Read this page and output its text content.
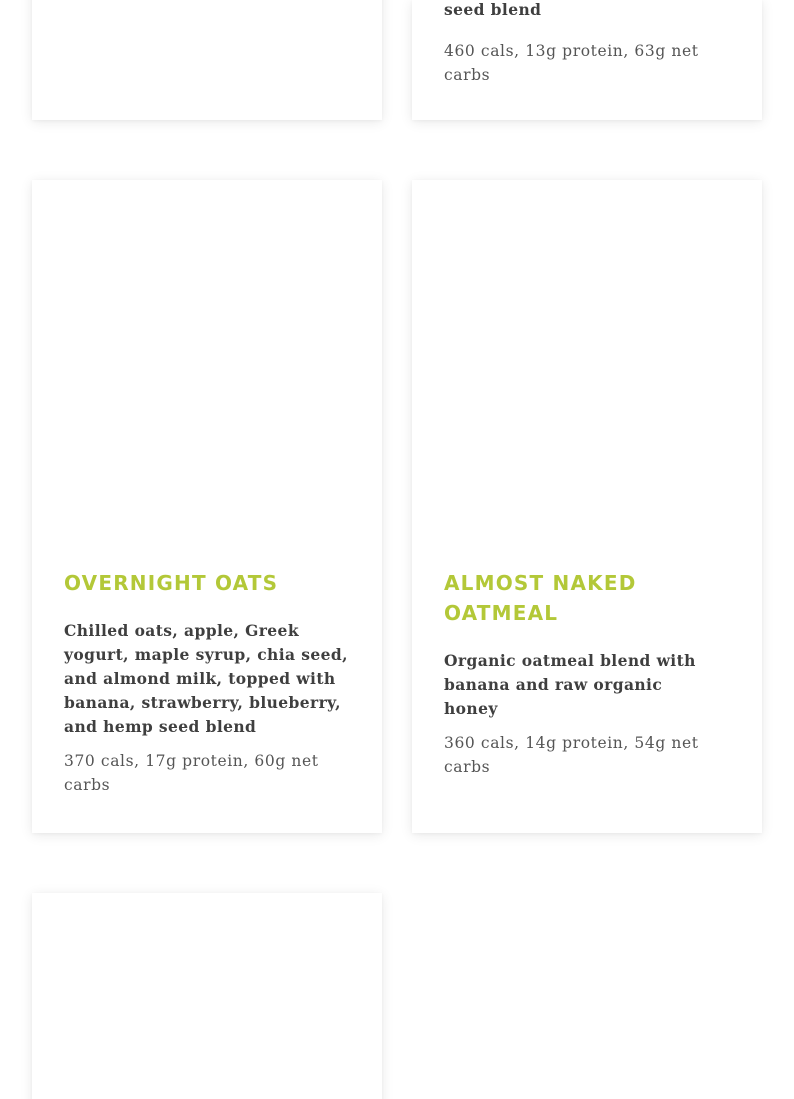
seed blend
460 cals, 13g protein, 63g net carbs
OVERNIGHT OATS
Chilled oats, apple, Greek yogurt, maple syrup, chia seed, and almond milk, topped with banana, strawberry, blueberry, and hemp seed blend
370 cals, 17g protein, 60g net carbs
ALMOST NAKED OATMEAL
Organic oatmeal blend with banana and raw organic honey
360 cals, 14g protein, 54g net carbs
